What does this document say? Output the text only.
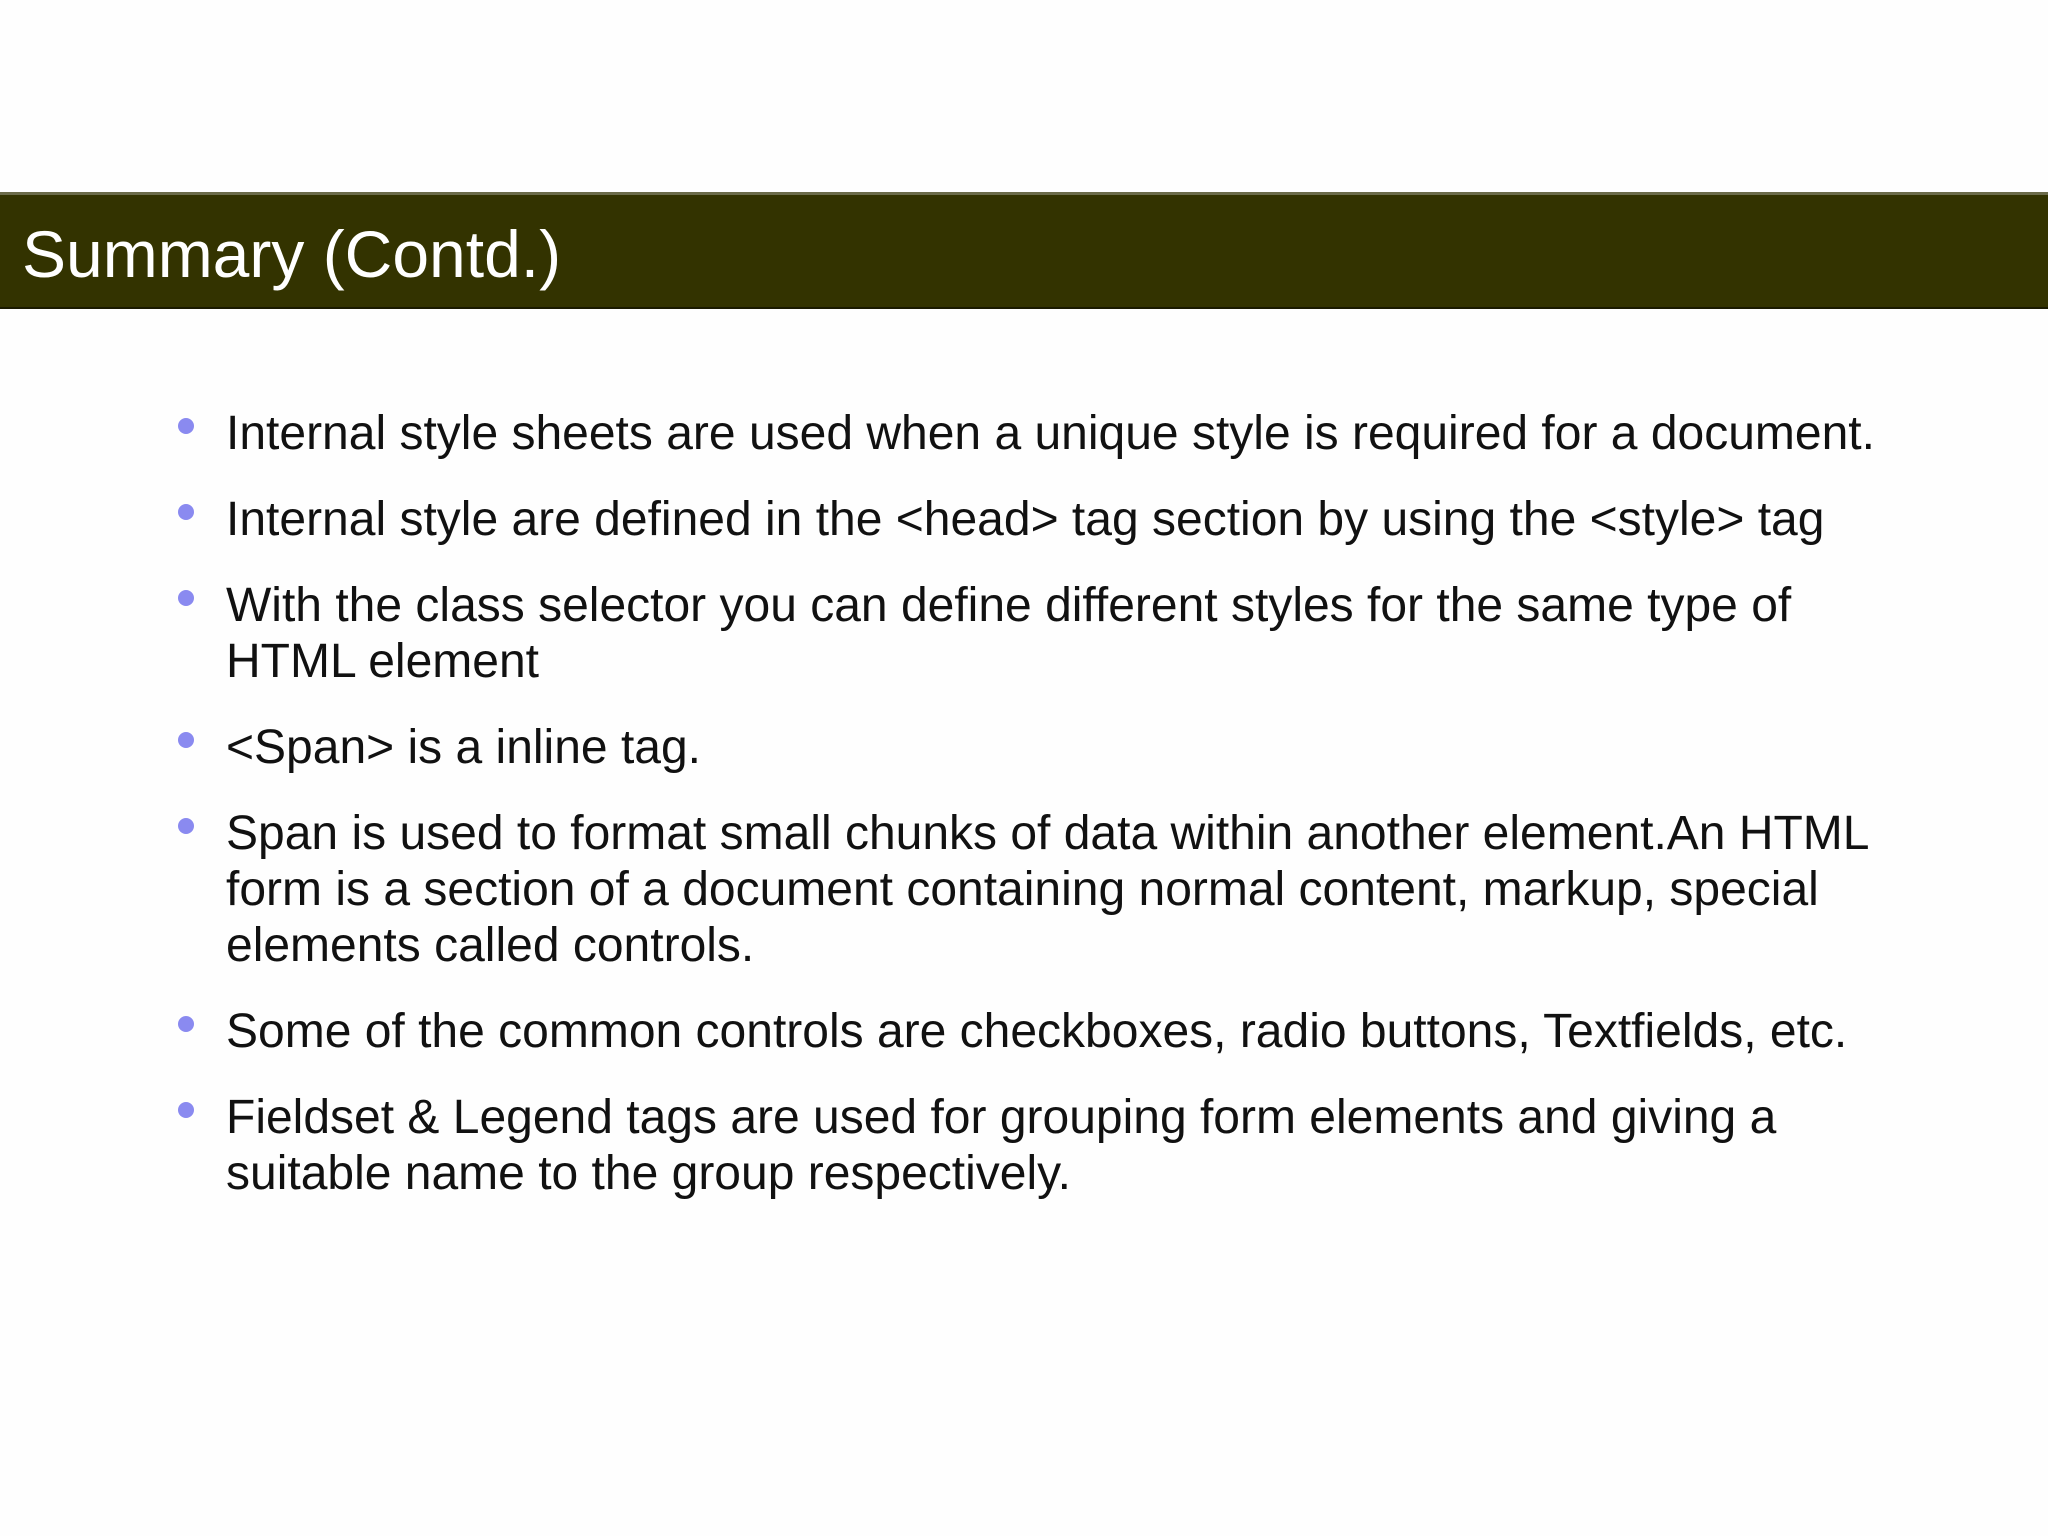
Summary (Contd.)
Internal style sheets are used when a unique style is required for a document.
Internal style are defined in the <head> tag section by using the <style> tag
With the class selector you can define different styles for the same type of HTML element
<Span> is a inline tag.
Span is used to format small chunks of data within another element.An HTML form is a section of a document containing normal content, markup, special elements called controls.
Some of the common controls are checkboxes, radio buttons, Textfields, etc.
Fieldset & Legend tags are used for grouping form elements and giving a suitable name to the group respectively.
